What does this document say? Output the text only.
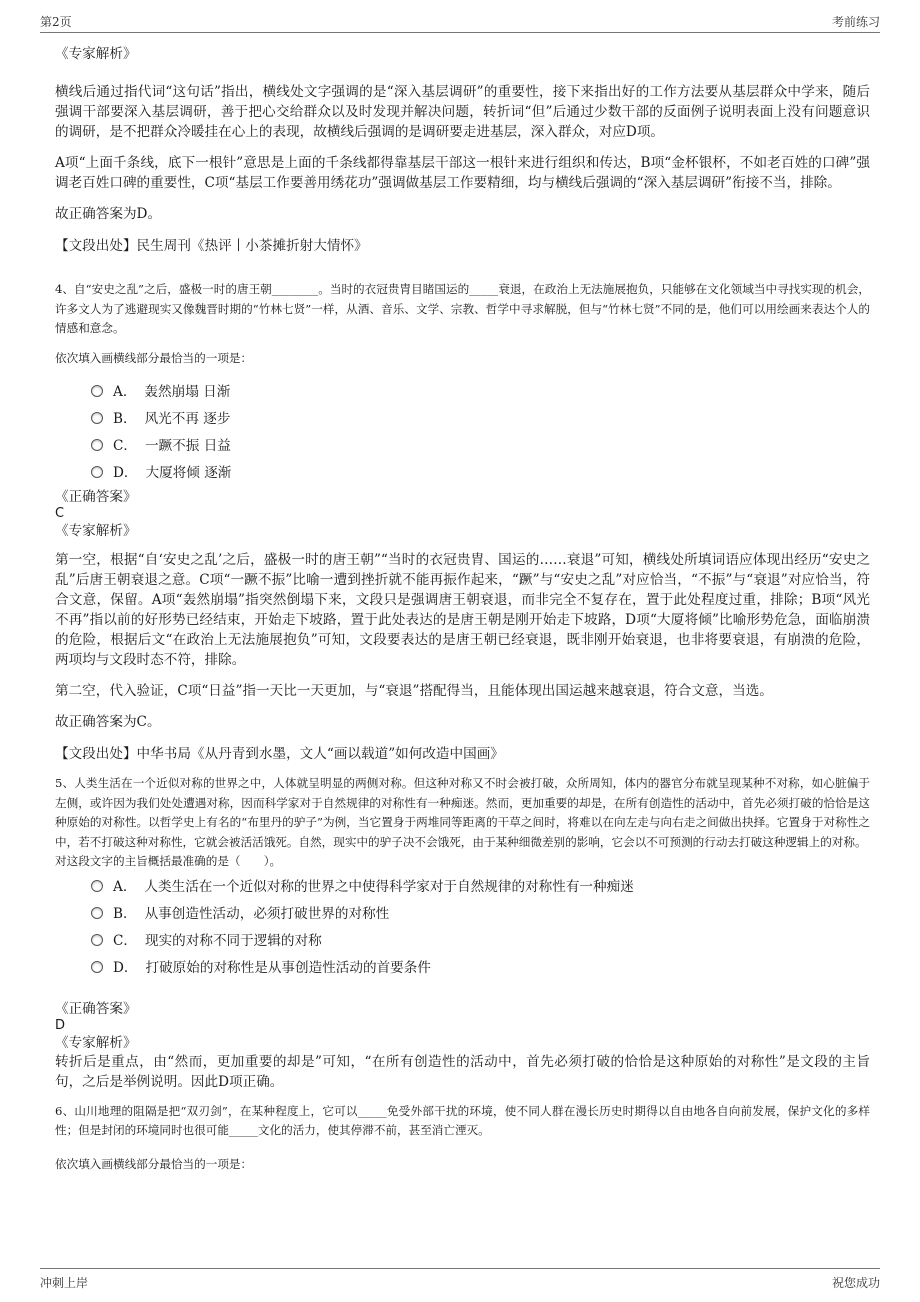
第2页	考前练习
《专家解析》
横线后通过指代词“这句话”指出，横线处文字强调的是“深入基层调研”的重要性，接下来指出好的工作方法要从基层群众中学来，随后强调干部要深入基层调研，善于把心交给群众以及时发现并解决问题，转折词“但”后通过少数干部的反面例子说明表面上没有问题意识的调研，是不把群众冷暖挂在心上的表现，故横线后强调的是调研要走进基层，深入群众，对应D项。
A项“上面千条线，底下一根针”意思是上面的千条线都得靠基层干部这一根针来进行组织和传达，B项“金杯银杯，不如老百姓的口碑”强调老百姓口碑的重要性，C项“基层工作要善用绣花功”强调做基层工作要精细，均与横线后强调的“深入基层调研”衔接不当，排除。
故正确答案为D。
【文段出处】民生周刊《热评丨小茶摊折射大情怀》
4、自“安史之乱”之后，盛极一时的唐王朝________。当时的衣冠贵胄目睹国运的_____衰退，在政治上无法施展抱负，只能够在文化领域当中寻找实现的机会，许多文人为了逃避现实又像魏晋时期的“竹林七贤”一样，从酒、音乐、文学、宗教、哲学中寻求解脱，但与“竹林七贤”不同的是，他们可以用绘画来表达个人的情感和意念。
依次填入画横线部分最恰当的一项是：
A． 轰然崩塌 日渐
B． 风光不再 逐步
C． 一蹶不振 日益
D． 大厦将倾 逐渐
《正确答案》
C
《专家解析》
第一空，根据“自‘安史之乱’之后，盛极一时的唐王朝”“当时的衣冠贵胄、国运的……衰退”可知，横线处所填词语应体现出经历“安史之乱”后唐王朝衰退之意。C项“一蹶不振”比喻一遭到挫折就不能再振作起来，“蹶”与“安史之乱”对应恰当，“不振”与“衰退”对应恰当，符合文意，保留。A项“轰然崩塌”指突然倒塌下来，文段只是强调唐王朝衰退，而非完全不复存在，置于此处程度过重，排除；B项“风光不再”指以前的好形势已经结束，开始走下坡路，置于此处表达的是唐王朝是刚开始走下坡路，D项“大厦将倾”比喻形势危急，面临崩溃的危险，根据后文“在政治上无法施展抱负”可知，文段要表达的是唐王朝已经衰退，既非刚开始衰退，也非将要衰退，有崩溃的危险，两项均与文段时态不符，排除。
第二空，代入验证，C项“日益”指一天比一天更加，与“衰退”搭配得当，且能体现出国运越来越衰退，符合文意，当选。
故正确答案为C。
【文段出处】中华书局《从丹青到水墨，文人“画以载道”如何改造中国画》
5、人类生活在一个近似对称的世界之中，人体就呈明显的两侧对称。但这种对称又不时会被打破，众所周知，体内的器官分布就呈现某种不对称，如心脏偏于左侧，或许因为我们处处遭遇对称，因而科学家对于自然规律的对称性有一种痴迷。然而，更加重要的却是，在所有创造性的活动中，首先必须打破的恰恰是这种原始的对称性。以哲学史上有名的“布里丹的驴子”为例，当它置身于两堆同等距离的干草之间时，将难以在向左走与向右走之间做出抉择。它置身于对称性之中，若不打破这种对称性，它就会被活活饿死。自然，现实中的驴子决不会饿死，由于某种细微差别的影响，它会以不可预测的行动去打破这种逻辑上的对称。
对这段文字的主旨概括最准确的是（　　）。
A． 人类生活在一个近似对称的世界之中使得科学家对于自然规律的对称性有一种痴迷
B． 从事创造性活动，必须打破世界的对称性
C． 现实的对称不同于逻辑的对称
D． 打破原始的对称性是从事创造性活动的首要条件
《正确答案》
D
《专家解析》
转折后是重点，由“然而，更加重要的却是”可知，“在所有创造性的活动中，首先必须打破的恰恰是这种原始的对称性”是文段的主旨句，之后是举例说明。因此D项正确。
6、山川地理的阻隔是把“双刃剑”，在某种程度上，它可以_____免受外部干扰的环境，使不同人群在漫长历史时期得以自由地各自向前发展，保护文化的多样性；但是封闭的环境同时也很可能_____文化的活力，使其停滞不前，甚至消亡湮灭。
依次填入画横线部分最恰当的一项是：
冲刺上岸	祝您成功
